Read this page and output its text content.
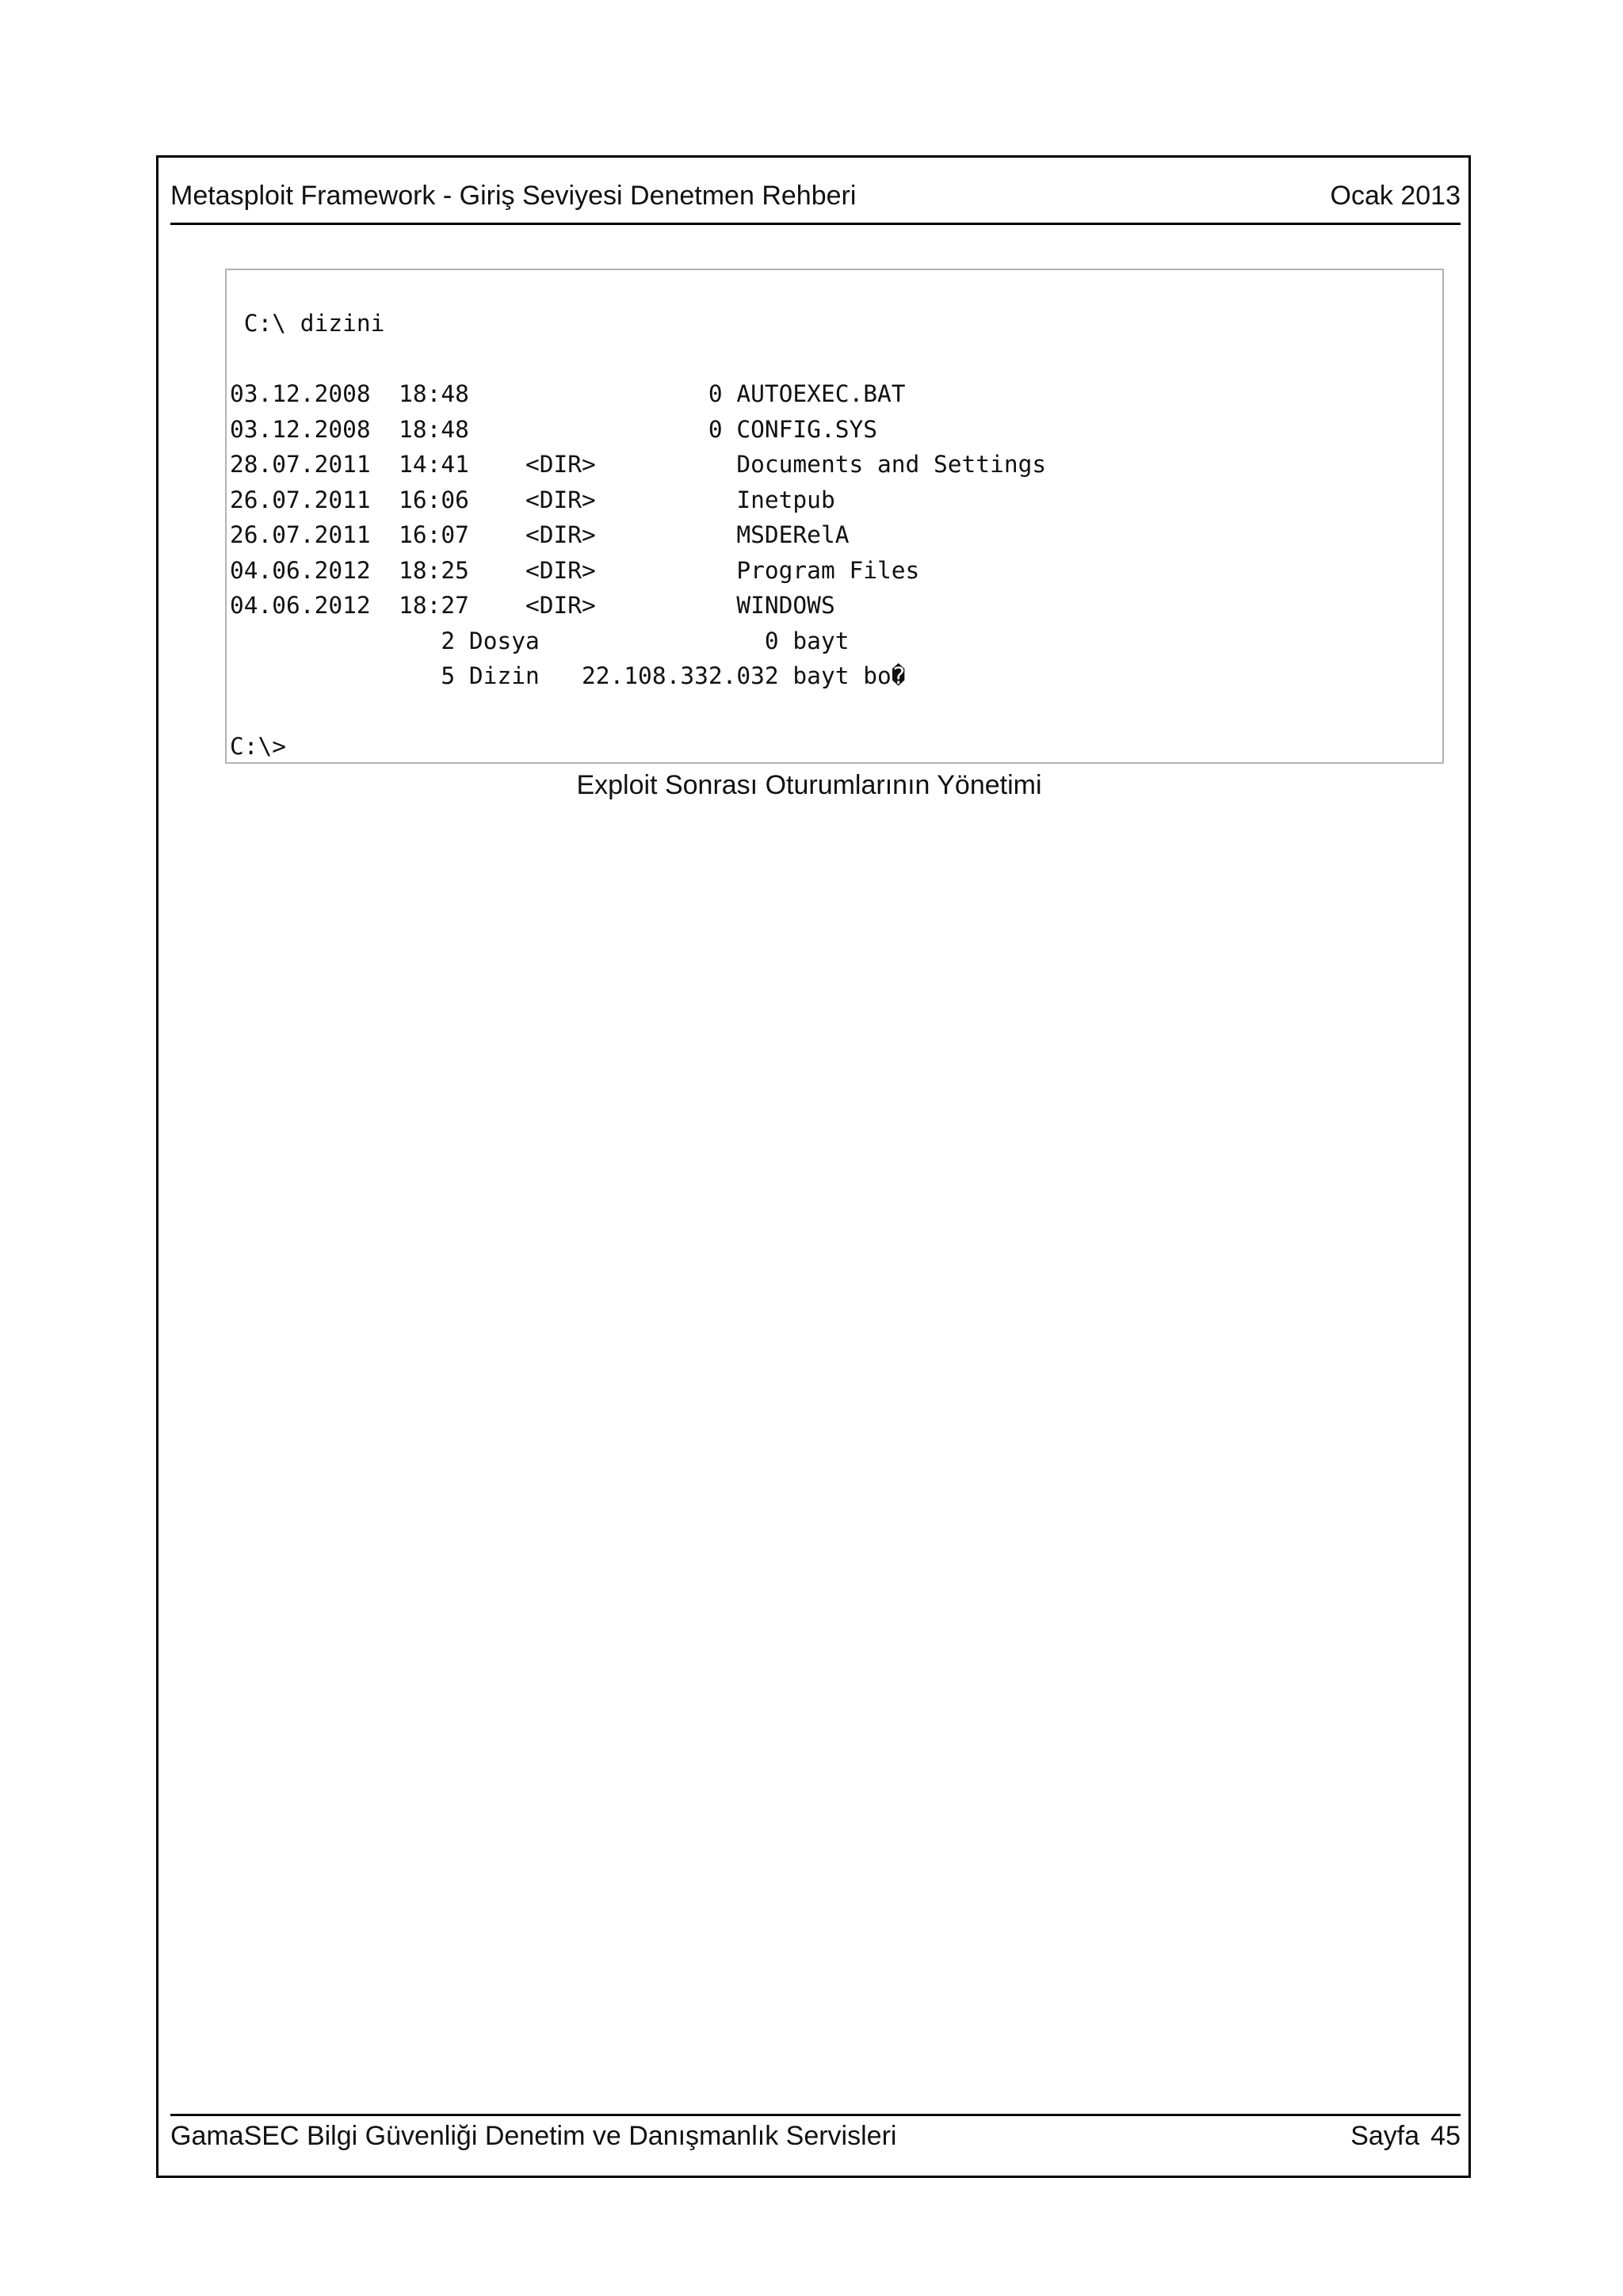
Metasploit Framework - Giriş Seviyesi Denetmen Rehberi	Ocak 2013
C:\ dizini

03.12.2008  18:48                 0 AUTOEXEC.BAT
03.12.2008  18:48                 0 CONFIG.SYS
28.07.2011  14:41    <DIR>          Documents and Settings
26.07.2011  16:06    <DIR>          Inetpub
26.07.2011  16:07    <DIR>          MSDERelA
04.06.2012  18:25    <DIR>          Program Files
04.06.2012  18:27    <DIR>          WINDOWS
2 Dosya                0 bayt
5 Dizin   22.108.332.032 bayt bo�

C:\>
Exploit Sonrası Oturumlarının Yönetimi
GamaSEC Bilgi Güvenliği Denetim ve Danışmanlık Servisleri	Sayfa 45
